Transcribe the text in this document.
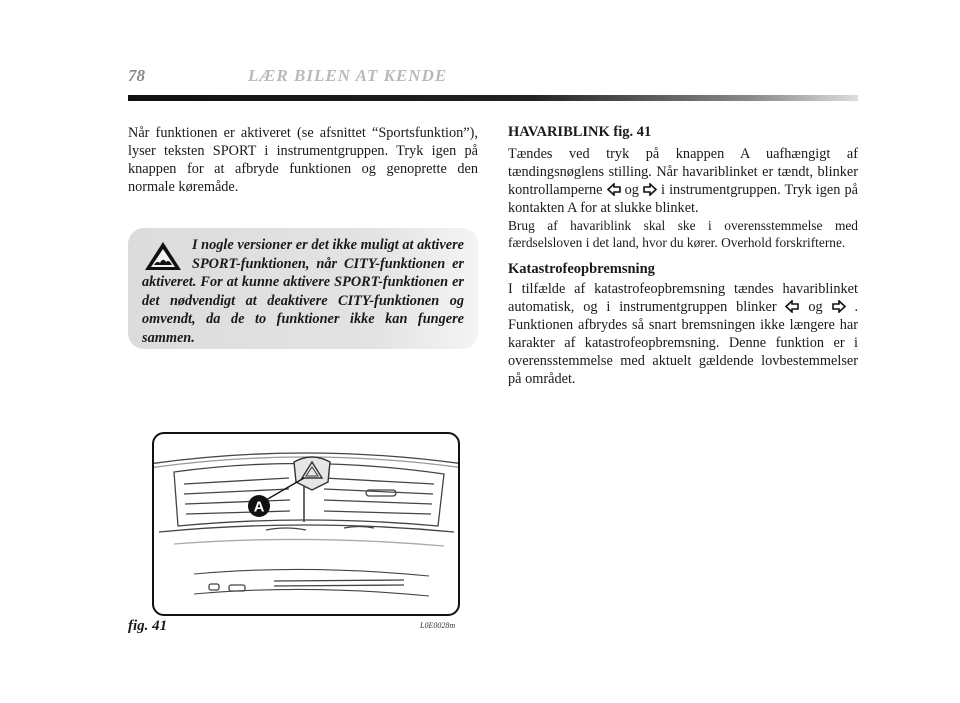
78	LÆR BILEN AT KENDE

Når funktionen er aktiveret (se afsnittet “Sportsfunktion”), lyser teksten SPORT i instrumentgruppen. Tryk igen på knappen for at afbryde funktionen og genoprette den normale køremåde.

I nogle versioner er det ikke muligt at aktivere SPORT-funktionen, når CITY-funktionen er aktiveret. For at kunne aktivere SPORT-funktionen er det nødvendigt at deaktivere CITY-funktionen og omvendt, da de to funktioner ikke kan fungere sammen.

HAVARIBLINK fig. 41

Tændes ved tryk på knappen A uafhængigt af tændingsnøglens stilling. Når havariblinket er tændt, blinker kontrollamperne og i instrumentgruppen. Tryk igen på kontakten A for at slukke blinket.

Brug af havariblink skal ske i overensstemmelse med færdselsloven i det land, hvor du kører. Overhold forskrifterne.

Katastrofeopbremsning

I tilfælde af katastrofeopbremsning tændes havariblinket automatisk, og i instrumentgruppen blinker og . Funktionen afbrydes så snart bremsningen ikke længere har karakter af katastrofeopbremsning. Denne funktion er i overensstemmelse med aktuelt gældende lovbestemmelser på området.

A
fig. 41	L0E0028m
